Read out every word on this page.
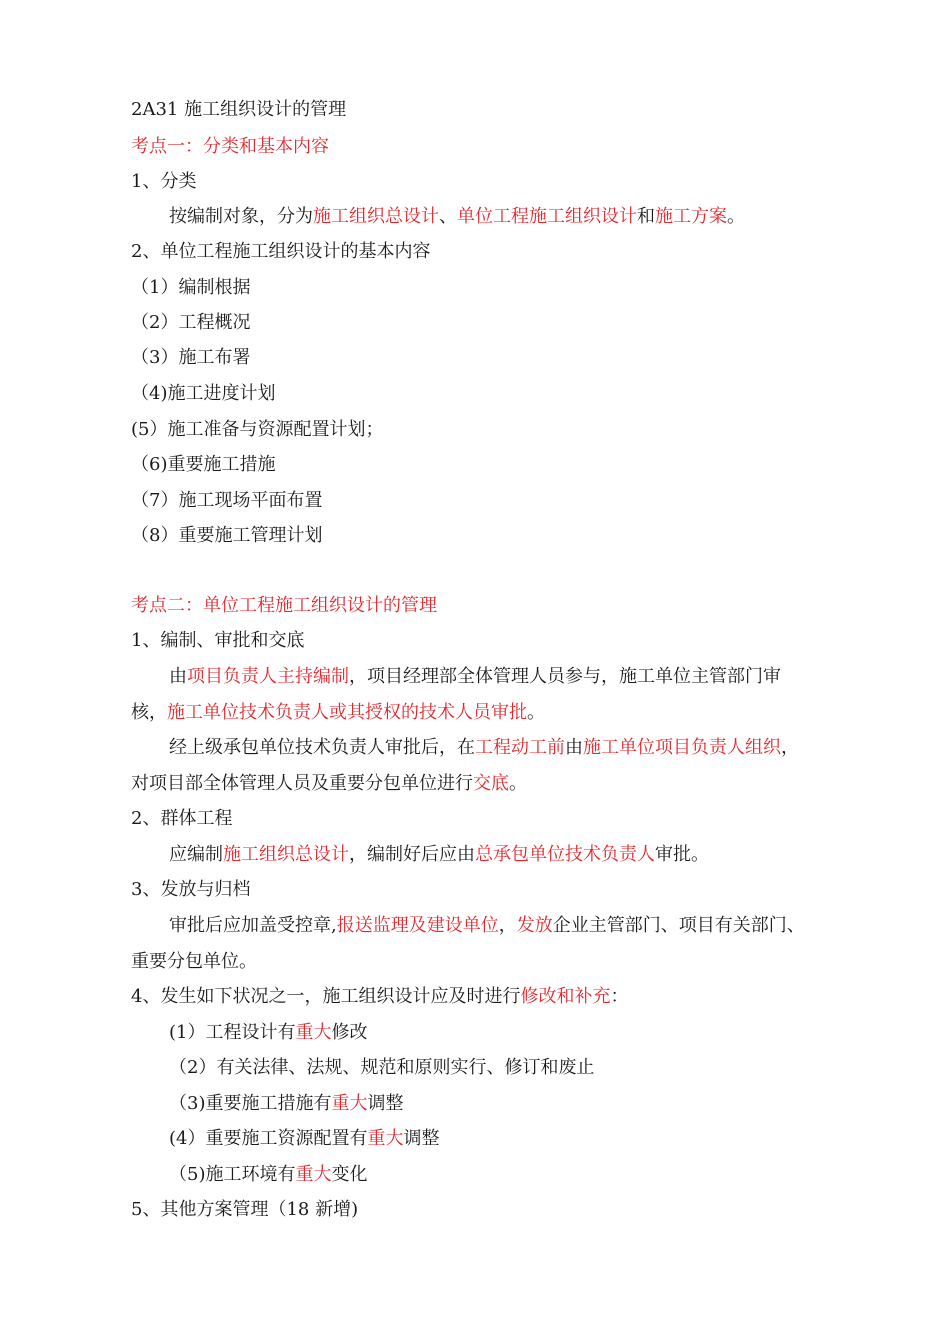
2A31 施工组织设计的管理
考点一：分类和基本内容
1、分类
按编制对象，分为施工组织总设计、单位工程施工组织设计和施工方案。
2、单位工程施工组织设计的基本内容
（1）编制根据
（2）工程概况
（3）施工布署
（4)施工进度计划
(5）施工准备与资源配置计划；
（6)重要施工措施
（7）施工现场平面布置
（8）重要施工管理计划
考点二：单位工程施工组织设计的管理
1、编制、审批和交底
由项目负责人主持编制，项目经理部全体管理人员参与，施工单位主管部门审
核，施工单位技术负责人或其授权的技术人员审批。
经上级承包单位技术负责人审批后，在工程动工前由施工单位项目负责人组织，
对项目部全体管理人员及重要分包单位进行交底。
2、群体工程
应编制施工组织总设计，编制好后应由总承包单位技术负责人审批。
3、发放与归档
审批后应加盖受控章,报送监理及建设单位，发放企业主管部门、项目有关部门、
重要分包单位。
4、发生如下状况之一，施工组织设计应及时进行修改和补充：
(1）工程设计有重大修改
（2）有关法律、法规、规范和原则实行、修订和废止
（3)重要施工措施有重大调整
(4）重要施工资源配置有重大调整
（5)施工环境有重大变化
5、其他方案管理（18 新增)
